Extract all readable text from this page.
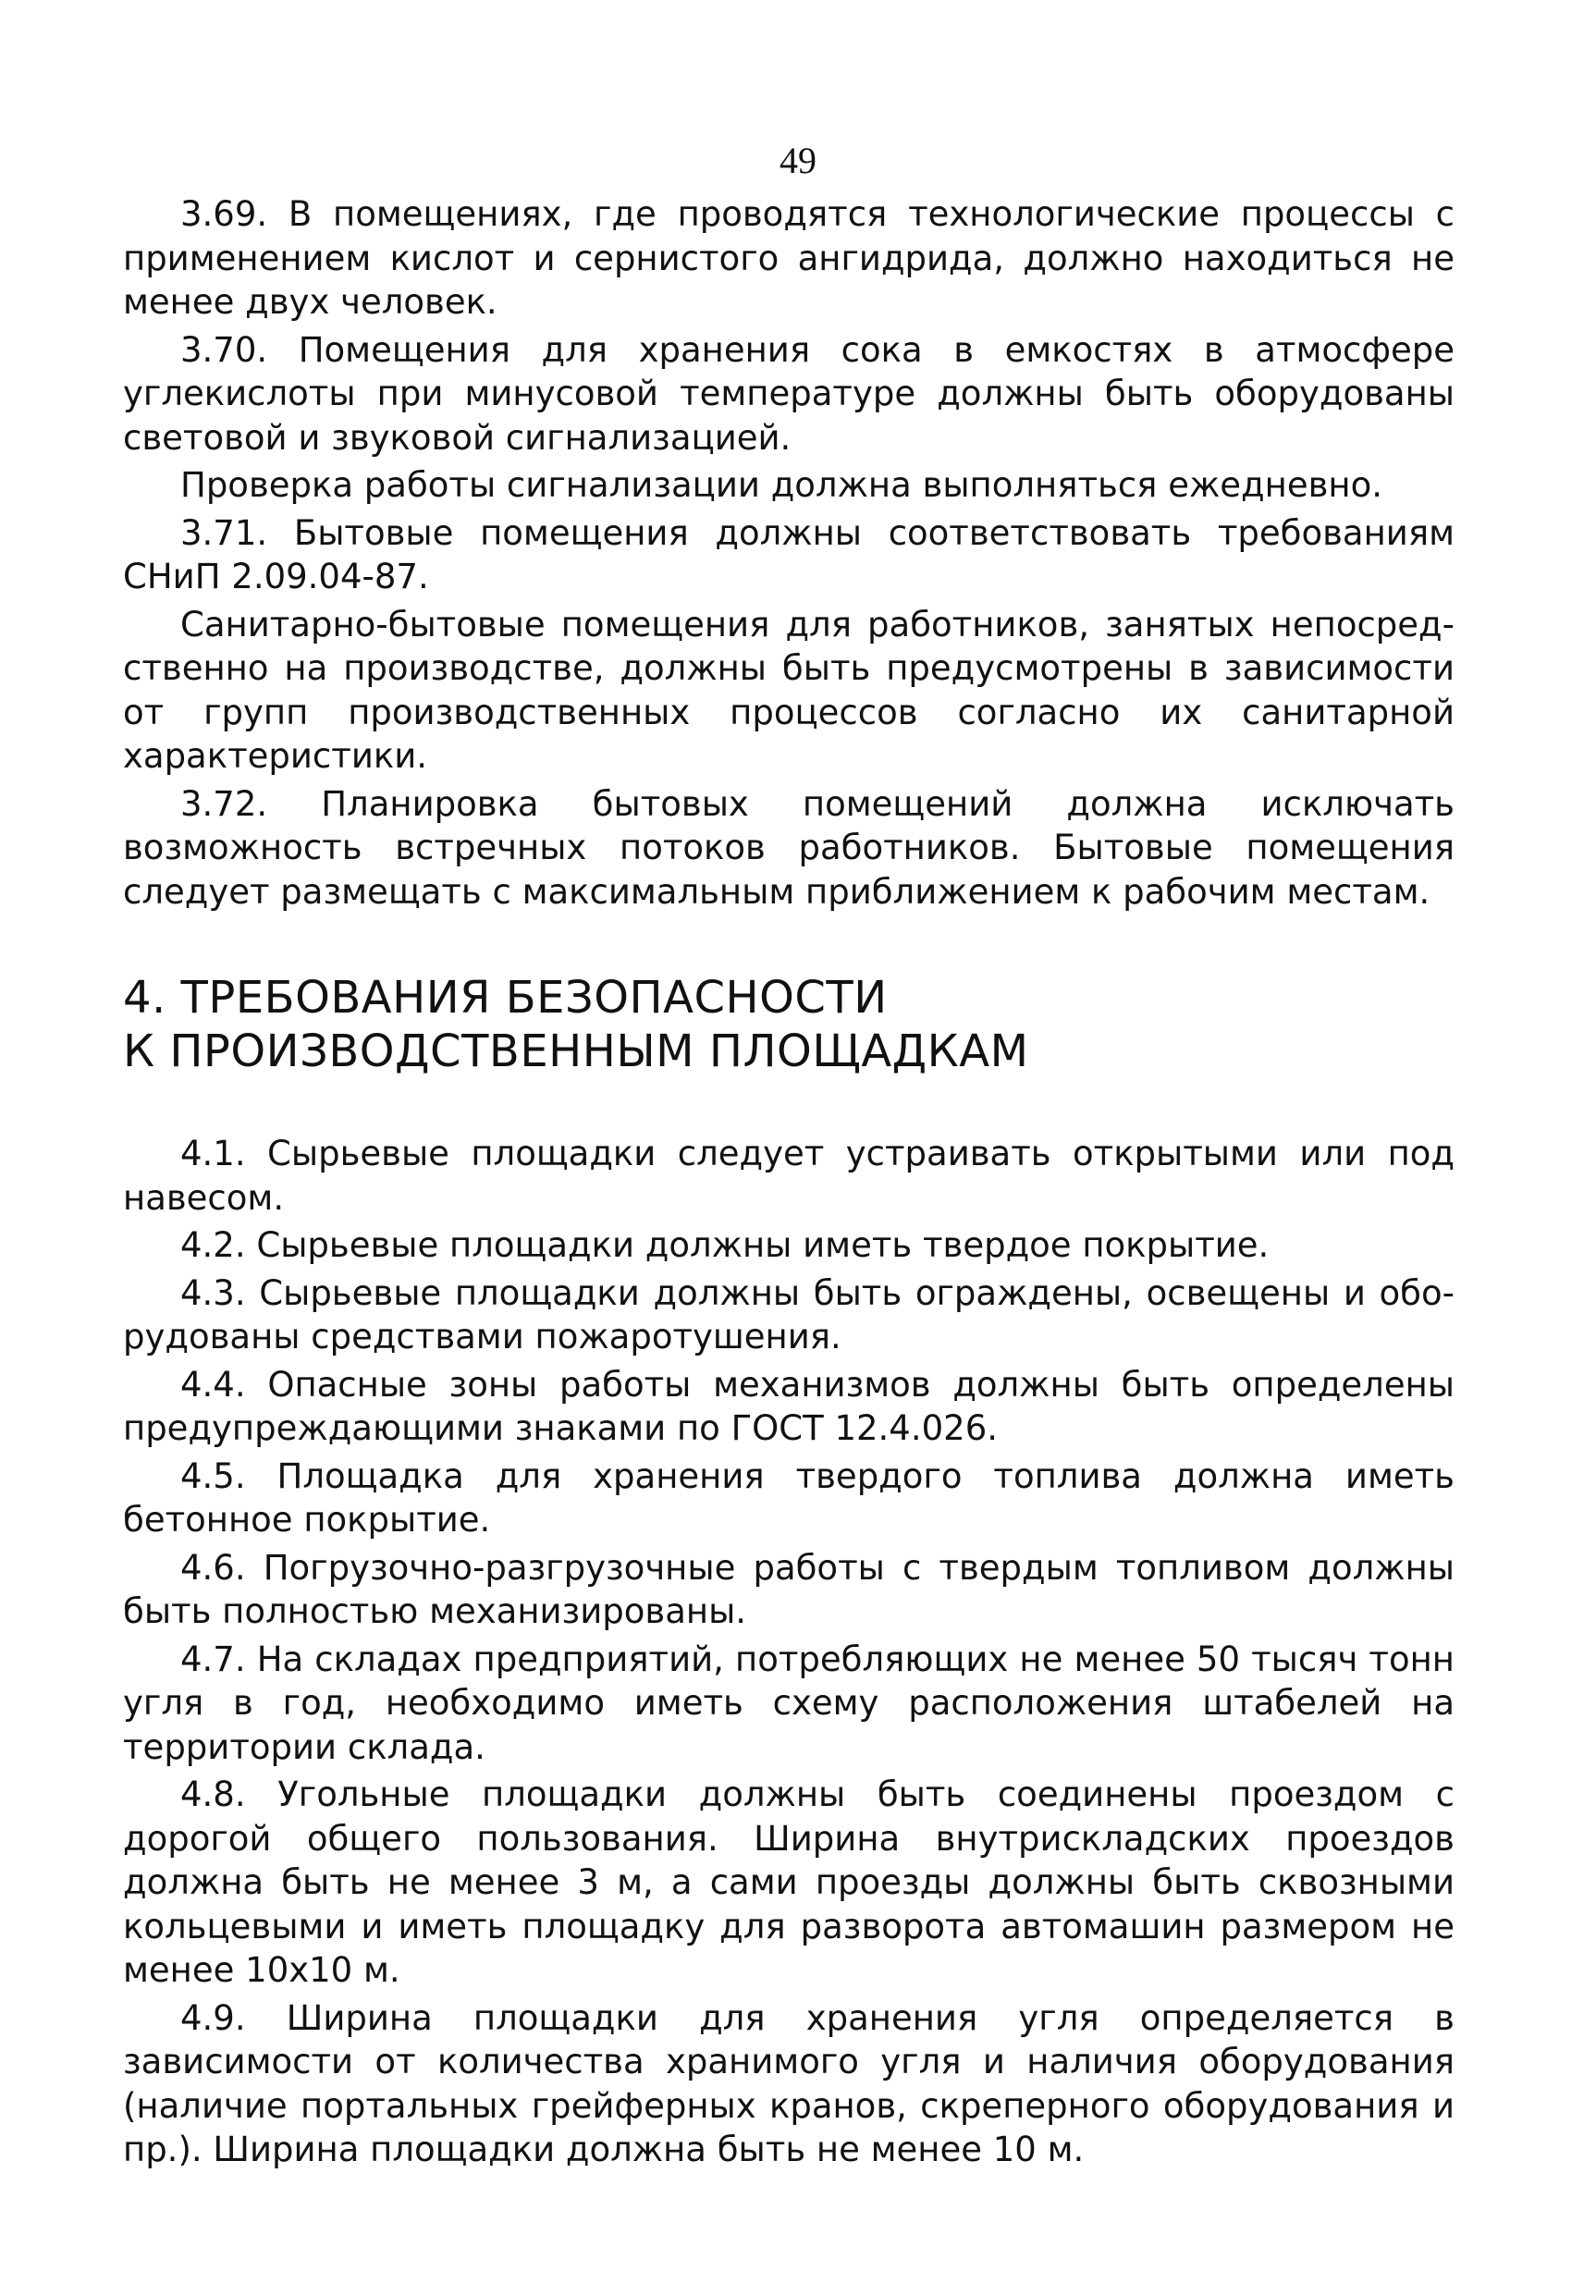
49

3.69. В помещениях, где проводятся технологические процессы с применением кислот и сернистого ангидрида, должно находиться не менее двух человек.

3.70. Помещения для хранения сока в емкостях в атмосфере углекислоты при минусовой температуре должны быть оборудованы световой и звуковой сигнализацией.

Проверка работы сигнализации должна выполняться ежедневно.

3.71. Бытовые помещения должны соответствовать требованиям СНиП 2.09.04-87.

Санитарно-бытовые помещения для работников, занятых непосредственно на производстве, должны быть предусмотрены в зависимости от групп производственных процессов согласно их санитарной характеристики.

3.72. Планировка бытовых помещений должна исключать возможность встречных потоков работников. Бытовые помещения следует размещать с максимальным приближением к рабочим местам.

4. ТРЕБОВАНИЯ БЕЗОПАСНОСТИ
К ПРОИЗВОДСТВЕННЫМ ПЛОЩАДКАМ

4.1. Сырьевые площадки следует устраивать открытыми или под навесом.

4.2. Сырьевые площадки должны иметь твердое покрытие.

4.3. Сырьевые площадки должны быть ограждены, освещены и оборудованы средствами пожаротушения.

4.4. Опасные зоны работы механизмов должны быть определены предупреждающими знаками по ГОСТ 12.4.026.

4.5. Площадка для хранения твердого топлива должна иметь бетонное покрытие.

4.6. Погрузочно-разгрузочные работы с твердым топливом должны быть полностью механизированы.

4.7. На складах предприятий, потребляющих не менее 50 тысяч тонн угля в год, необходимо иметь схему расположения штабелей на территории склада.

4.8. Угольные площадки должны быть соединены проездом с дорогой общего пользования. Ширина внутрискладских проездов должна быть не менее 3 м, а сами проезды должны быть сквозными кольцевыми и иметь площадку для разворота автомашин размером не менее 10х10 м.

4.9. Ширина площадки для хранения угля определяется в зависимости от количества хранимого угля и наличия оборудования (наличие портальных грейферных кранов, скреперного оборудования и пр.). Ширина площадки должна быть не менее 10 м.
